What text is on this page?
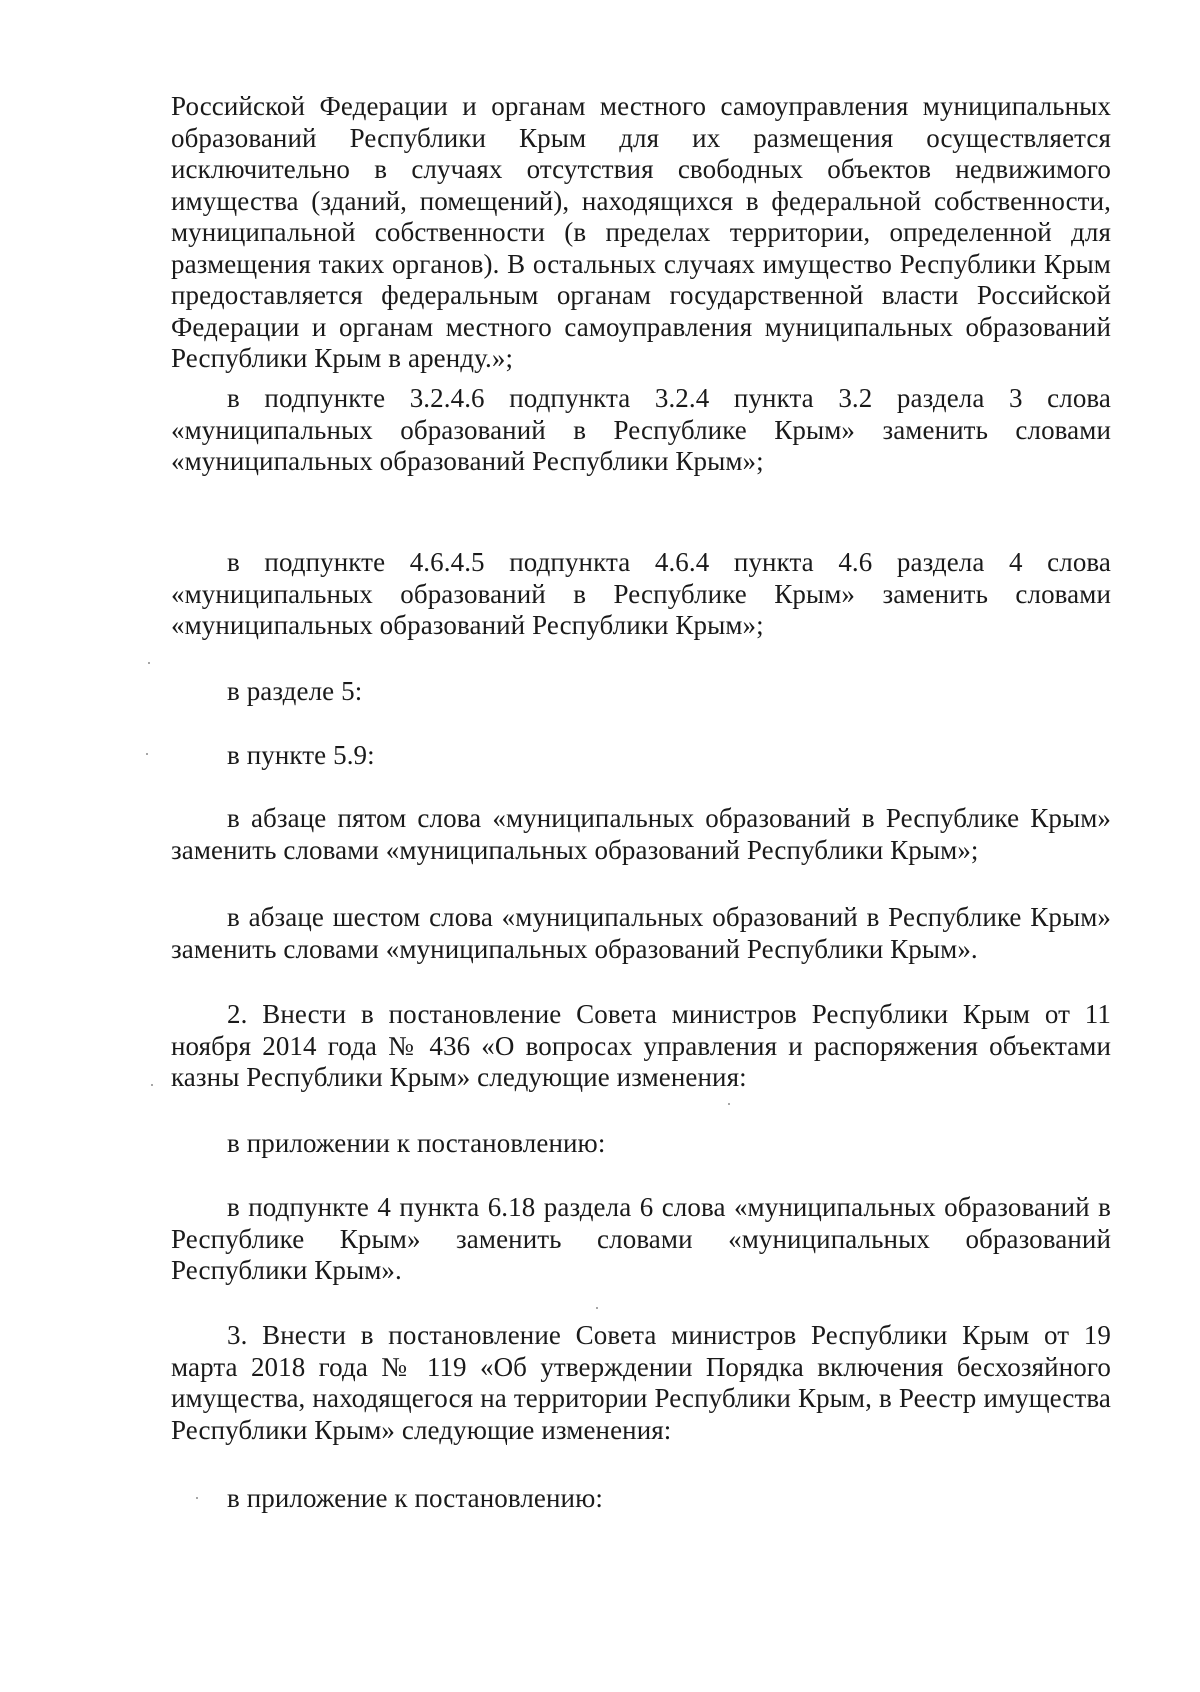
Российской Федерации и органам местного самоуправления муниципальных образований Республики Крым для их размещения осуществляется исключительно в случаях отсутствия свободных объектов недвижимого имущества (зданий, помещений), находящихся в федеральной собственности, муниципальной собственности (в пределах территории, определенной для размещения таких органов). В остальных случаях имущество Республики Крым предоставляется федеральным органам государственной власти Российской Федерации и органам местного самоуправления муниципальных образований Республики Крым в аренду.»;

в подпункте 3.2.4.6 подпункта 3.2.4 пункта 3.2 раздела 3 слова «муниципальных образований в Республике Крым» заменить словами «муниципальных образований Республики Крым»;

в подпункте 4.6.4.5 подпункта 4.6.4 пункта 4.6 раздела 4 слова «муниципальных образований в Республике Крым» заменить словами «муниципальных образований Республики Крым»;

в разделе 5:

в пункте 5.9:

в абзаце пятом слова «муниципальных образований в Республике Крым» заменить словами «муниципальных образований Республики Крым»;

в абзаце шестом слова «муниципальных образований в Республике Крым» заменить словами «муниципальных образований Республики Крым».

2. Внести в постановление Совета министров Республики Крым от 11 ноября 2014 года № 436 «О вопросах управления и распоряжения объектами казны Республики Крым» следующие изменения:

в приложении к постановлению:

в подпункте 4 пункта 6.18 раздела 6 слова «муниципальных образований в Республике Крым» заменить словами «муниципальных образований Республики Крым».

3. Внести в постановление Совета министров Республики Крым от 19 марта 2018 года № 119 «Об утверждении Порядка включения бесхозяйного имущества, находящегося на территории Республики Крым, в Реестр имущества Республики Крым» следующие изменения:

в приложение к постановлению:
